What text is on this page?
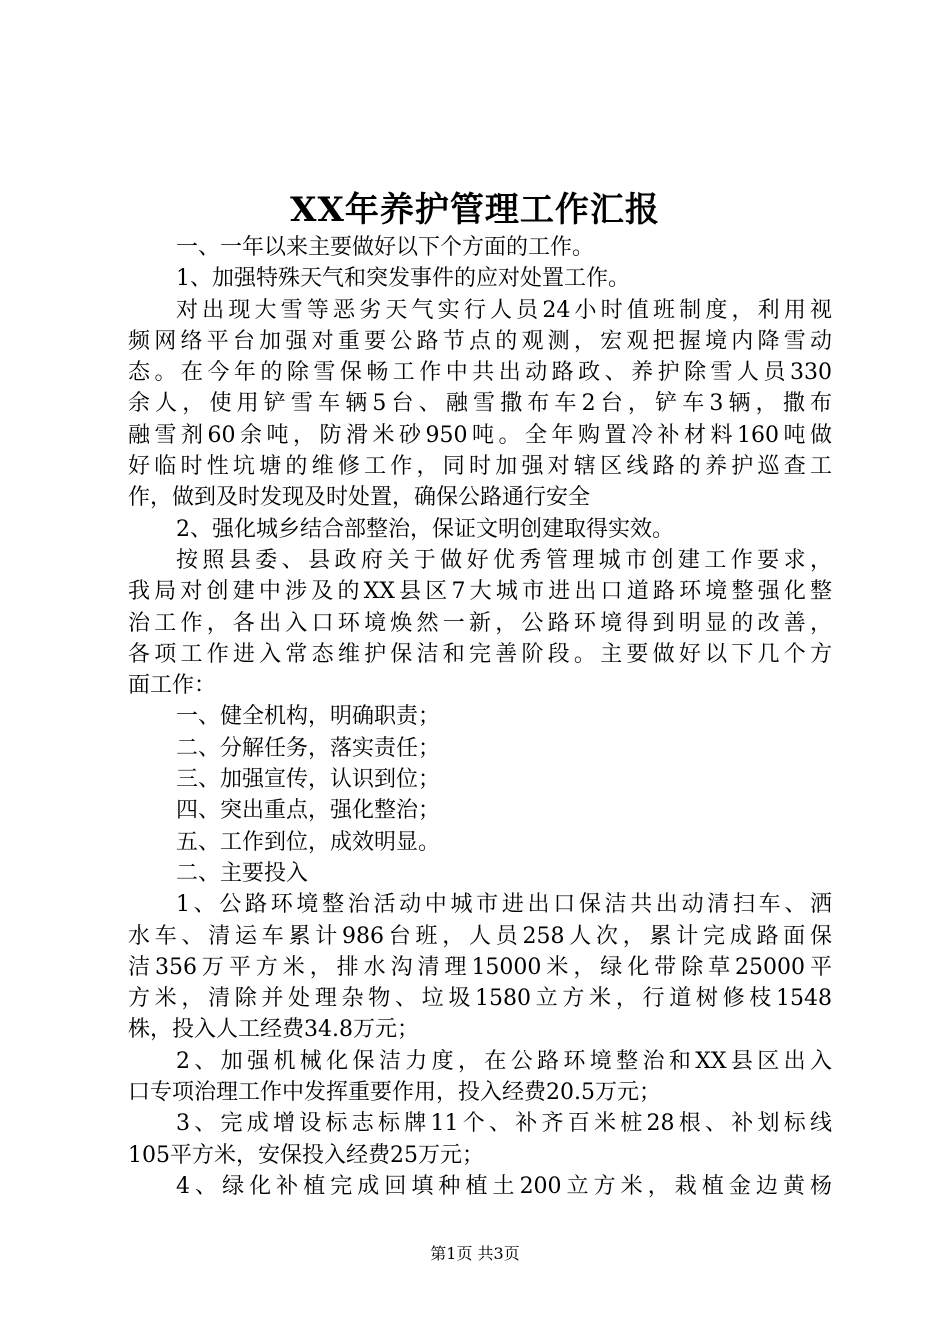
XX年养护管理工作汇报
一、一年以来主要做好以下个方面的工作。
1、加强特殊天气和突发事件的应对处置工作。
对出现大雪等恶劣天气实行人员24小时值班制度，利用视
频网络平台加强对重要公路节点的观测，宏观把握境内降雪动
态。在今年的除雪保畅工作中共出动路政、养护除雪人员330
余人，使用铲雪车辆5台、融雪撒布车2台，铲车3辆，撒布
融雪剂60余吨，防滑米砂950吨。全年购置冷补材料160吨做
好临时性坑塘的维修工作，同时加强对辖区线路的养护巡查工
作，做到及时发现及时处置，确保公路通行安全
2、强化城乡结合部整治，保证文明创建取得实效。
按照县委、县政府关于做好优秀管理城市创建工作要求，
我局对创建中涉及的XX县区7大城市进出口道路环境整强化整
治工作，各出入口环境焕然一新，公路环境得到明显的改善，
各项工作进入常态维护保洁和完善阶段。主要做好以下几个方
面工作：
一、健全机构，明确职责；
二、分解任务，落实责任；
三、加强宣传，认识到位；
四、突出重点，强化整治；
五、工作到位，成效明显。
二、主要投入
1、公路环境整治活动中城市进出口保洁共出动清扫车、洒
水车、清运车累计986台班，人员258人次，累计完成路面保
洁356万平方米，排水沟清理15000米，绿化带除草25000平
方米，清除并处理杂物、垃圾1580立方米，行道树修枝1548
株，投入人工经费34.8万元；
2、加强机械化保洁力度，在公路环境整治和XX县区出入
口专项治理工作中发挥重要作用，投入经费20.5万元；
3、完成增设标志标牌11个、补齐百米桩28根、补划标线
105平方米，安保投入经费25万元；
4、绿化补植完成回填种植土200立方米，栽植金边黄杨
第1页 共3页
